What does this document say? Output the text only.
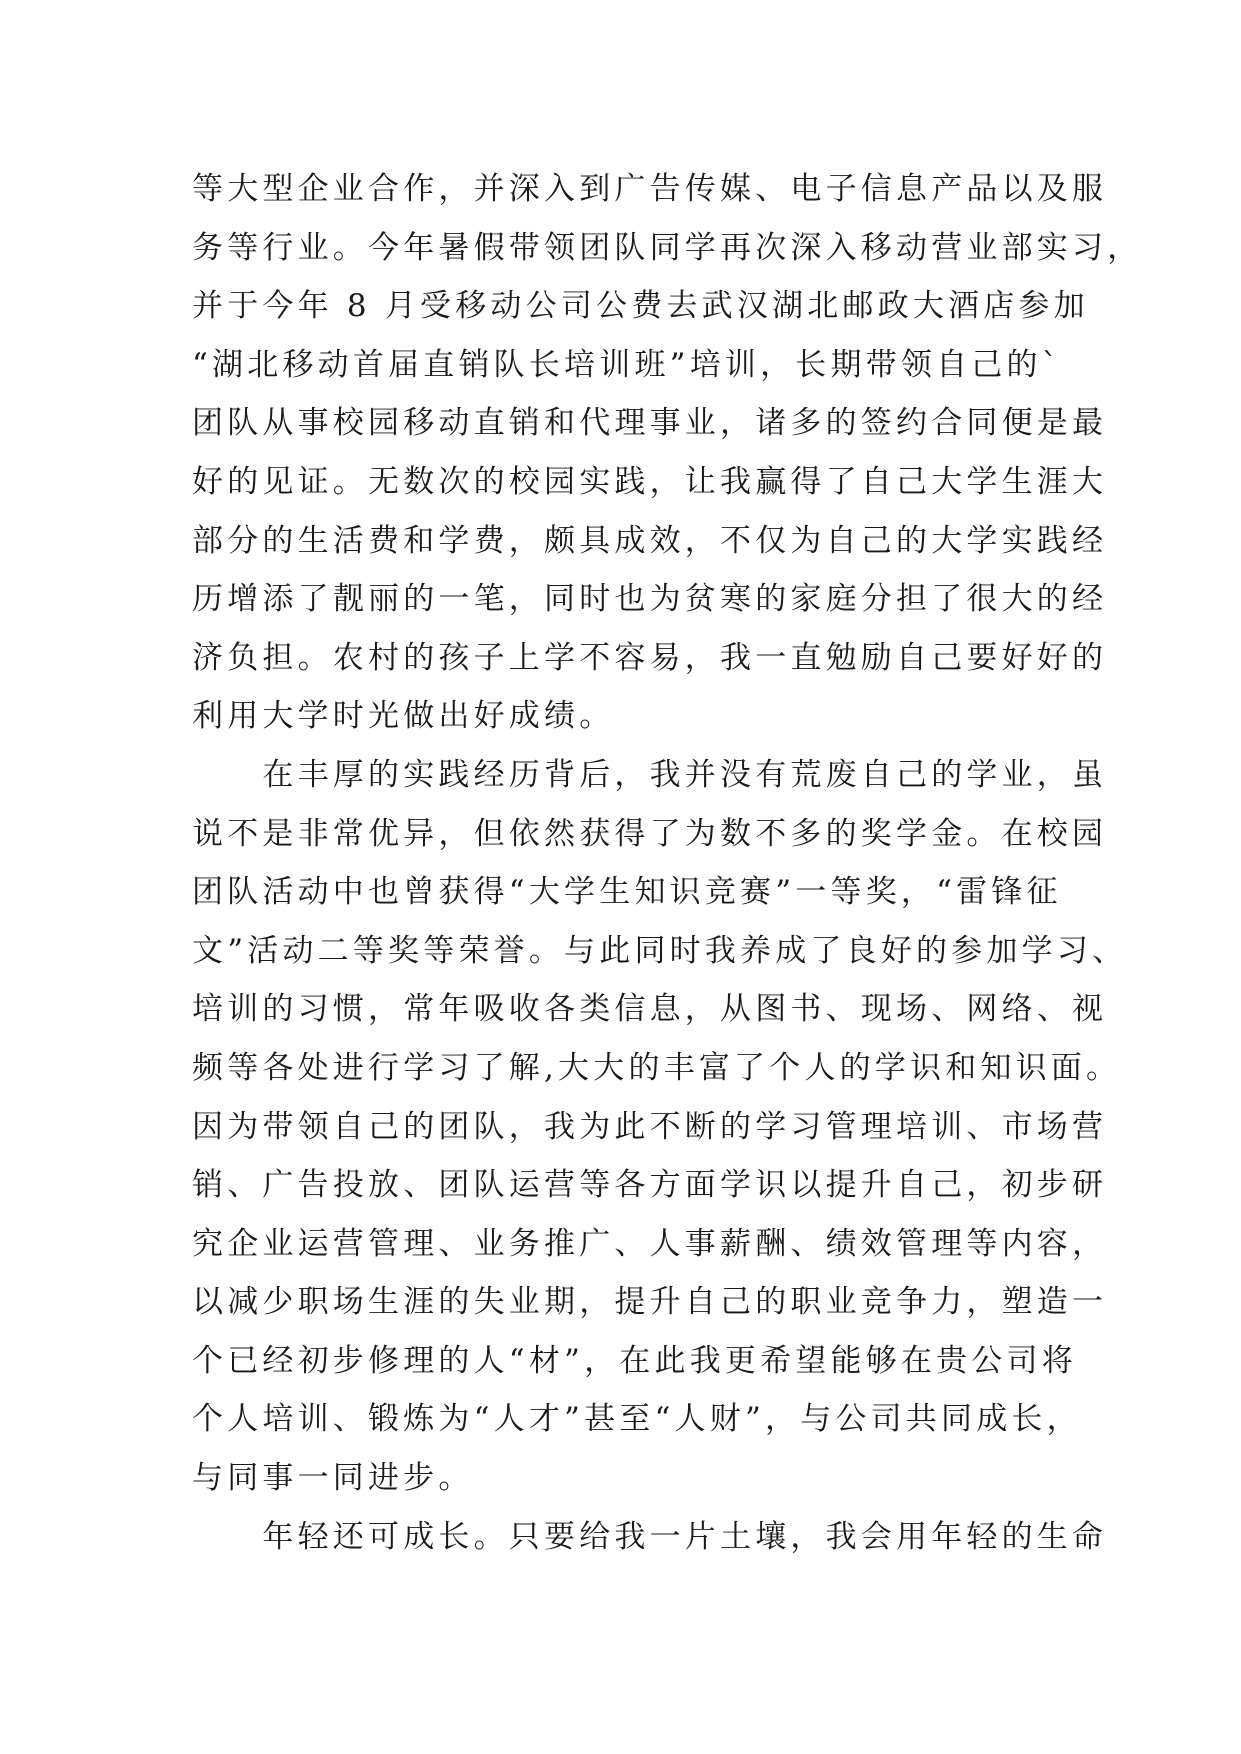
等大型企业合作，并深入到广告传媒、电子信息产品以及服
务等行业。今年暑假带领团队同学再次深入移动营业部实习，
并于今年 8 月受移动公司公费去武汉湖北邮政大酒店参加
“湖北移动首届直销队长培训班”培训，长期带领自己的`
团队从事校园移动直销和代理事业，诸多的签约合同便是最
好的见证。无数次的校园实践，让我赢得了自己大学生涯大
部分的生活费和学费，颇具成效，不仅为自己的大学实践经
历增添了靓丽的一笔，同时也为贫寒的家庭分担了很大的经
济负担。农村的孩子上学不容易，我一直勉励自己要好好的
利用大学时光做出好成绩。
　　在丰厚的实践经历背后，我并没有荒废自己的学业，虽
说不是非常优异，但依然获得了为数不多的奖学金。在校园
团队活动中也曾获得“大学生知识竞赛”一等奖，“雷锋征
文”活动二等奖等荣誉。与此同时我养成了良好的参加学习、
培训的习惯，常年吸收各类信息，从图书、现场、网络、视
频等各处进行学习了解,大大的丰富了个人的学识和知识面。
因为带领自己的团队，我为此不断的学习管理培训、市场营
销、广告投放、团队运营等各方面学识以提升自己，初步研
究企业运营管理、业务推广、人事薪酬、绩效管理等内容，
以减少职场生涯的失业期，提升自己的职业竞争力，塑造一
个已经初步修理的人“材”，在此我更希望能够在贵公司将
个人培训、锻炼为“人才”甚至“人财”，与公司共同成长，
与同事一同进步。
　　年轻还可成长。只要给我一片土壤，我会用年轻的生命
